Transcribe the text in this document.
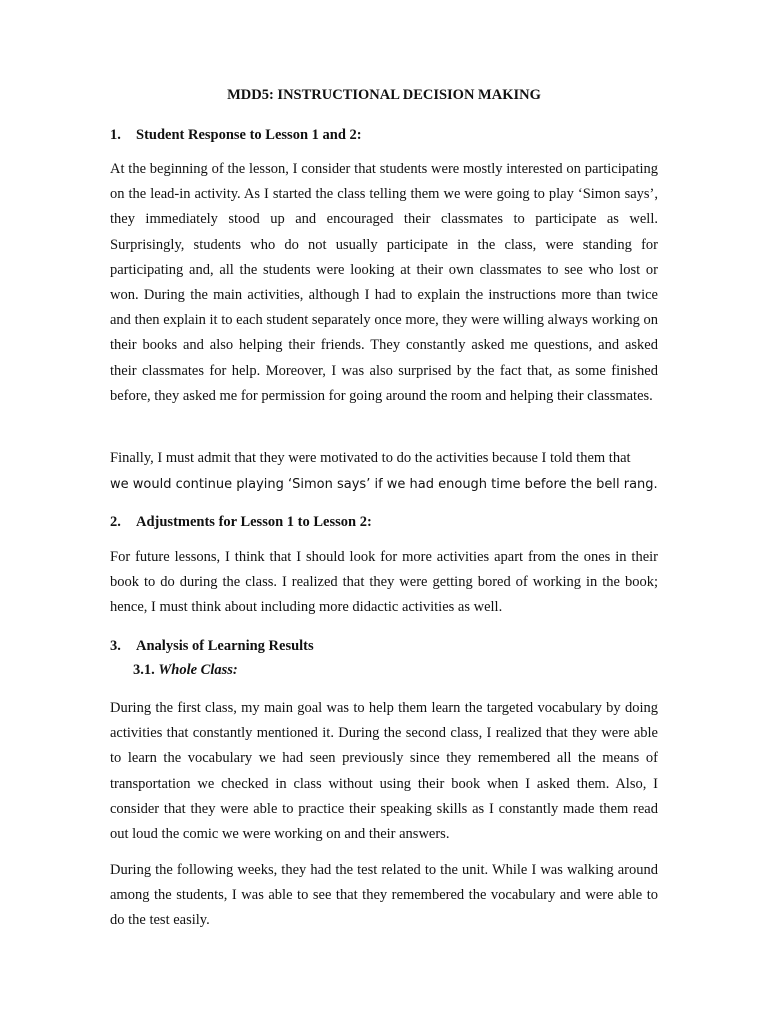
MDD5: INSTRUCTIONAL DECISION MAKING
1. Student Response to Lesson 1 and 2:
At the beginning of the lesson, I consider that students were mostly interested on participating on the lead-in activity. As I started the class telling them we were going to play ‘Simon says’, they immediately stood up and encouraged their classmates to participate as well. Surprisingly, students who do not usually participate in the class, were standing for participating and, all the students were looking at their own classmates to see who lost or won. During the main activities, although I had to explain the instructions more than twice and then explain it to each student separately once more, they were willing always working on their books and also helping their friends. They constantly asked me questions, and asked their classmates for help. Moreover, I was also surprised by the fact that, as some finished before, they asked me for permission for going around the room and helping their classmates.
Finally, I must admit that they were motivated to do the activities because I told them that
we would continue playing ‘Simon says’ if we had enough time before the bell rang.
2. Adjustments for Lesson 1 to Lesson 2:
For future lessons, I think that I should look for more activities apart from the ones in their book to do during the class. I realized that they were getting bored of working in the book; hence, I must think about including more didactic activities as well.
3. Analysis of Learning Results
3.1. Whole Class:
During the first class, my main goal was to help them learn the targeted vocabulary by doing activities that constantly mentioned it. During the second class, I realized that they were able to learn the vocabulary we had seen previously since they remembered all the means of transportation we checked in class without using their book when I asked them. Also, I consider that they were able to practice their speaking skills as I constantly made them read out loud the comic we were working on and their answers.
During the following weeks, they had the test related to the unit. While I was walking around among the students, I was able to see that they remembered the vocabulary and were able to do the test easily.
